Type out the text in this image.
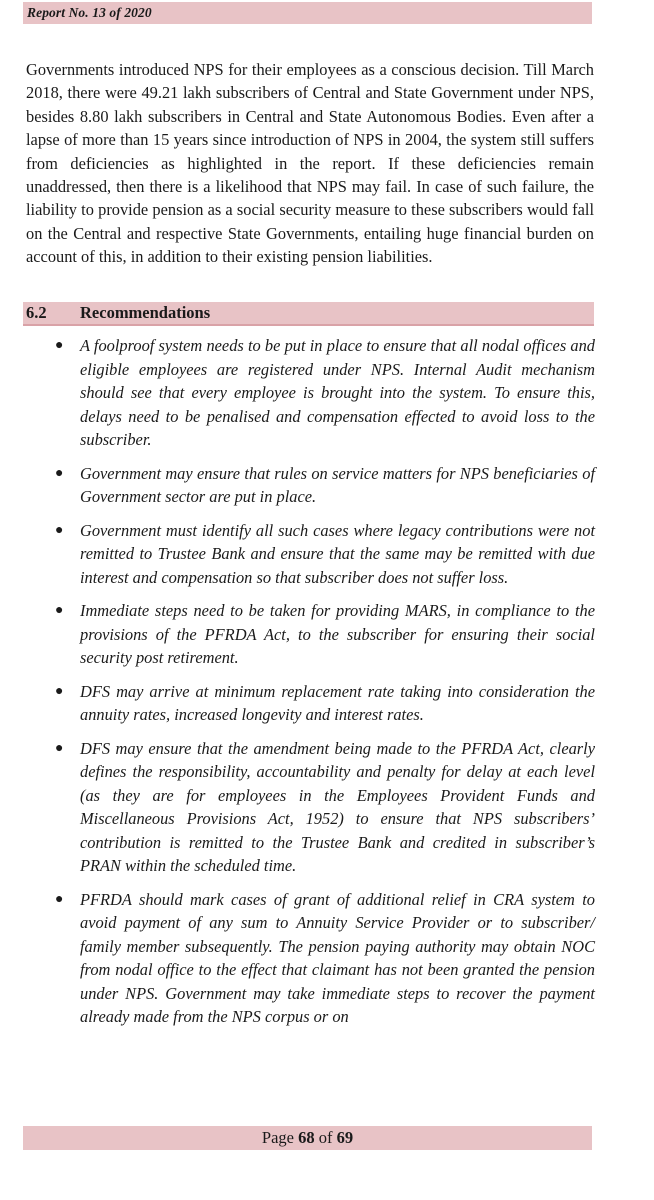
Report No. 13 of 2020

Governments introduced NPS for their employees as a conscious decision. Till March 2018, there were 49.21 lakh subscribers of Central and State Government under NPS, besides 8.80 lakh subscribers in Central and State Autonomous Bodies. Even after a lapse of more than 15 years since introduction of NPS in 2004, the system still suffers from deficiencies as highlighted in the report. If these deficiencies remain unaddressed, then there is a likelihood that NPS may fail. In case of such failure, the liability to provide pension as a social security measure to these subscribers would fall on the Central and respective State Governments, entailing huge financial burden on account of this, in addition to their existing pension liabilities.

6.2	Recommendations
● A foolproof system needs to be put in place to ensure that all nodal offices and eligible employees are registered under NPS. Internal Audit mechanism should see that every employee is brought into the system. To ensure this, delays need to be penalised and compensation effected to avoid loss to the subscriber.
● Government may ensure that rules on service matters for NPS beneficiaries of Government sector are put in place.
● Government must identify all such cases where legacy contributions were not remitted to Trustee Bank and ensure that the same may be remitted with due interest and compensation so that subscriber does not suffer loss.
● Immediate steps need to be taken for providing MARS, in compliance to the provisions of the PFRDA Act, to the subscriber for ensuring their social security post retirement.
● DFS may arrive at minimum replacement rate taking into consideration the annuity rates, increased longevity and interest rates.
● DFS may ensure that the amendment being made to the PFRDA Act, clearly defines the responsibility, accountability and penalty for delay at each level (as they are for employees in the Employees Provident Funds and Miscellaneous Provisions Act, 1952) to ensure that NPS subscribers’ contribution is remitted to the Trustee Bank and credited in subscriber’s PRAN within the scheduled time.
● PFRDA should mark cases of grant of additional relief in CRA system to avoid payment of any sum to Annuity Service Provider or to subscriber/ family member subsequently. The pension paying authority may obtain NOC from nodal office to the effect that claimant has not been granted the pension under NPS. Government may take immediate steps to recover the payment already made from the NPS corpus or on
Page
68
of
69
